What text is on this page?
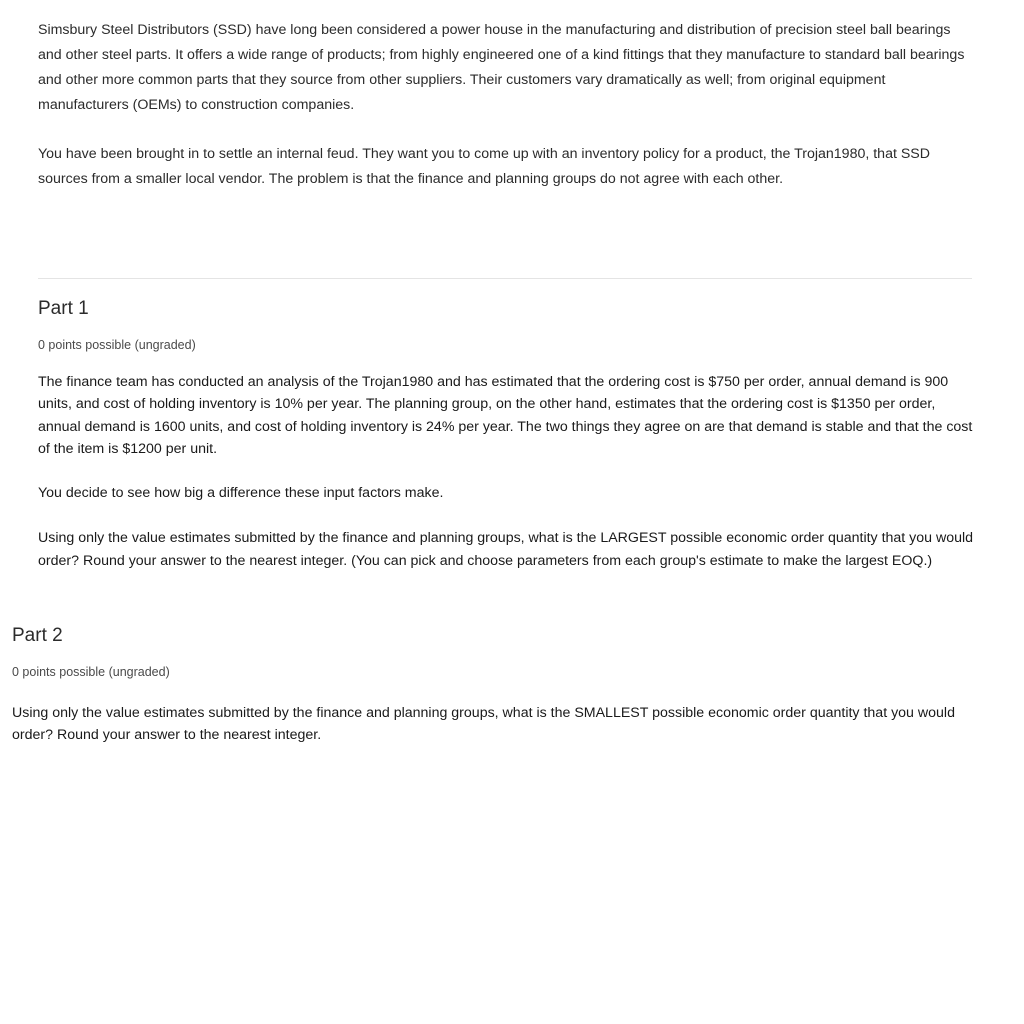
Simsbury Steel Distributors (SSD) have long been considered a power house in the manufacturing and distribution of precision steel ball bearings and other steel parts. It offers a wide range of products; from highly engineered one of a kind fittings that they manufacture to standard ball bearings and other more common parts that they source from other suppliers. Their customers vary dramatically as well; from original equipment manufacturers (OEMs) to construction companies.

You have been brought in to settle an internal feud. They want you to come up with an inventory policy for a product, the Trojan1980, that SSD sources from a smaller local vendor. The problem is that the finance and planning groups do not agree with each other.

Part 1

0 points possible (ungraded)

The finance team has conducted an analysis of the Trojan1980 and has estimated that the ordering cost is $750 per order, annual demand is 900 units, and cost of holding inventory is 10% per year. The planning group, on the other hand, estimates that the ordering cost is $1350 per order, annual demand is 1600 units, and cost of holding inventory is 24% per year. The two things they agree on are that demand is stable and that the cost of the item is $1200 per unit.

You decide to see how big a difference these input factors make.

Using only the value estimates submitted by the finance and planning groups, what is the LARGEST possible economic order quantity that you would order? Round your answer to the nearest integer. (You can pick and choose parameters from each group's estimate to make the largest EOQ.)

Part 2

0 points possible (ungraded)

Using only the value estimates submitted by the finance and planning groups, what is the SMALLEST possible economic order quantity that you would order? Round your answer to the nearest integer.
